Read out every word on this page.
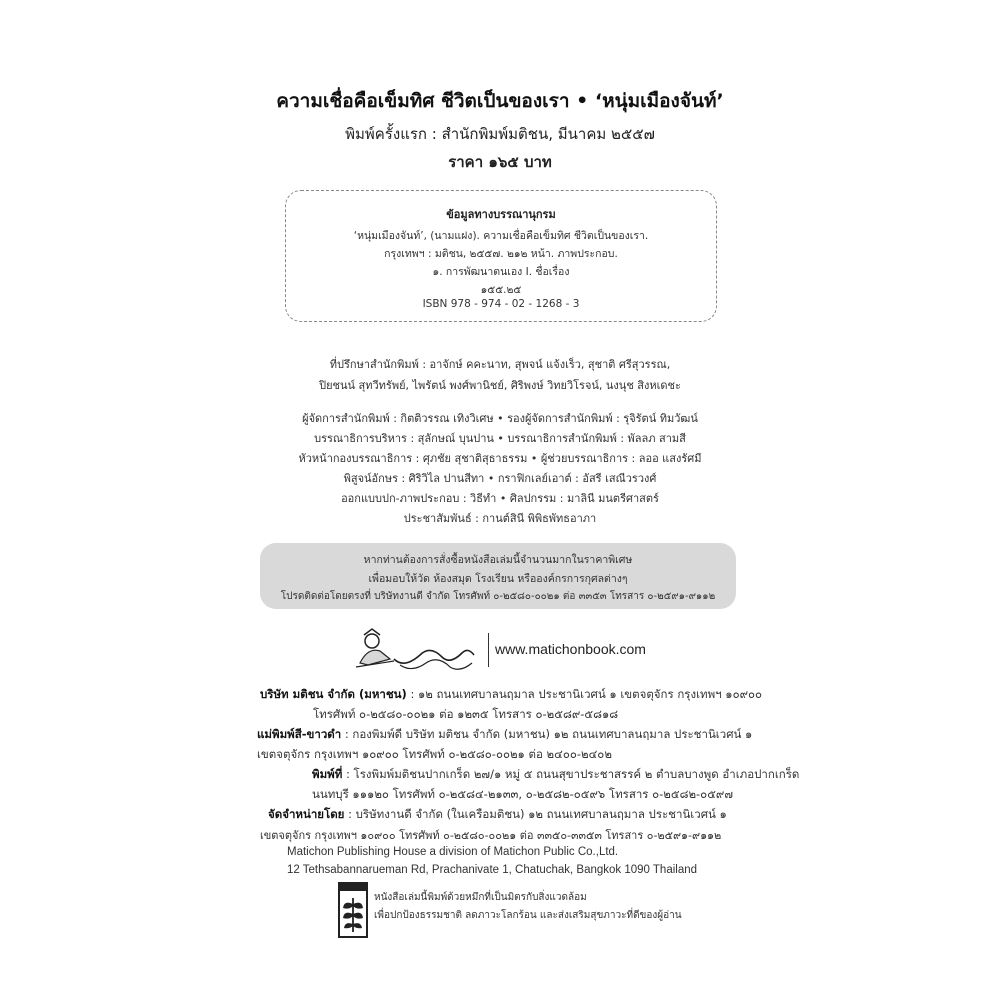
ความเชื่อคือเข็มทิศ ชีวิตเป็นของเรา • ‘หนุ่มเมืองจันท์’
พิมพ์ครั้งแรก : สำนักพิมพ์มติชน, มีนาคม ๒๕๕๗
ราคา ๑๖๕ บาท
ข้อมูลทางบรรณานุกรม
‘หนุ่มเมืองจันท์’, (นามแฝง). ความเชื่อคือเข็มทิศ ชีวิตเป็นของเรา.
กรุงเทพฯ : มติชน, ๒๕๕๗. ๒๑๒ หน้า. ภาพประกอบ.
๑. การพัฒนาตนเอง I. ชื่อเรื่อง
๑๕๕.๒๕
ISBN 978 - 974 - 02 - 1268 - 3
ที่ปรึกษาสำนักพิมพ์ : อาจักษ์ คคะนาท, สุพจน์ แจ้งเร็ว, สุชาติ ศรีสุวรรณ,
ปิยชนน์ สุทวีทรัพย์, ไพรัตน์ พงศ์พานิชย์, ศิริพงษ์ วิทยวิโรจน์, นงนุช สิงหเดชะ
ผู้จัดการสำนักพิมพ์ : กิตติวรรณ เทิงวิเศษ • รองผู้จัดการสำนักพิมพ์ : รุจิรัตน์ ทิมวัฒน์
บรรณาธิการบริหาร : สุลักษณ์ บุนปาน • บรรณาธิการสำนักพิมพ์ : พัลลภ สามสี
หัวหน้ากองบรรณาธิการ : ศุภชัย สุชาติสุธาธรรม • ผู้ช่วยบรรณาธิการ : ลออ แสงรัศมี
พิสูจน์อักษร : ศิริวิไล ปานสีทา • กราฟิกเลย์เอาต์ : อัสรี เสณีวรวงศ์
ออกแบบปก-ภาพประกอบ : วิธีทำ • ศิลปกรรม : มาลินี มนตรีศาสตร์
ประชาสัมพันธ์ : กานต์สินี พิพิธพัทธอาภา
หากท่านต้องการสั่งซื้อหนังสือเล่มนี้จำนวนมากในราคาพิเศษ
เพื่อมอบให้วัด ห้องสมุด โรงเรียน หรือองค์กรการกุศลต่างๆ
โปรดติดต่อโดยตรงที่ บริษัทงานดี จำกัด โทรศัพท์ ๐-๒๕๘๐-๐๐๒๑ ต่อ ๓๓๕๓ โทรสาร ๐-๒๕๙๑-๙๑๑๒
www.matichonbook.com
บริษัท มติชน จำกัด (มหาชน) : ๑๒ ถนนเทศบาลนฤมาล ประชานิเวศน์ ๑ เขตจตุจักร กรุงเทพฯ ๑๐๙๐๐
โทรศัพท์ ๐-๒๕๘๐-๐๐๒๑ ต่อ ๑๒๓๕ โทรสาร ๐-๒๕๘๙-๕๘๑๘
แม่พิมพ์สี-ขาวดำ : กองพิมพ์ดี บริษัท มติชน จำกัด (มหาชน) ๑๒ ถนนเทศบาลนฤมาล ประชานิเวศน์ ๑
เขตจตุจักร กรุงเทพฯ ๑๐๙๐๐ โทรศัพท์ ๐-๒๕๘๐-๐๐๒๑ ต่อ ๒๔๐๐-๒๔๐๒
พิมพ์ที่ : โรงพิมพ์มติชนปากเกร็ด ๒๗/๑ หมู่ ๕ ถนนสุขาประชาสรรค์ ๒ ตำบลบางพูด อำเภอปากเกร็ด
นนทบุรี ๑๑๑๒๐ โทรศัพท์ ๐-๒๕๘๔-๒๑๓๓, ๐-๒๕๘๒-๐๕๙๖ โทรสาร ๐-๒๕๘๒-๐๕๙๗
จัดจำหน่ายโดย : บริษัทงานดี จำกัด (ในเครือมติชน) ๑๒ ถนนเทศบาลนฤมาล ประชานิเวศน์ ๑
เขตจตุจักร กรุงเทพฯ ๑๐๙๐๐ โทรศัพท์ ๐-๒๕๘๐-๐๐๒๑ ต่อ ๓๓๕๐-๓๓๕๓ โทรสาร ๐-๒๕๙๑-๙๑๑๒
Matichon Publishing House a division of Matichon Public Co.,Ltd.
12 Tethsabannarueman Rd, Prachanivate 1, Chatuchak, Bangkok 1090 Thailand
หนังสือเล่มนี้พิมพ์ด้วยหมึกที่เป็นมิตรกับสิ่งแวดล้อม
เพื่อปกป้องธรรมชาติ ลดภาวะโลกร้อน และส่งเสริมสุขภาวะที่ดีของผู้อ่าน
